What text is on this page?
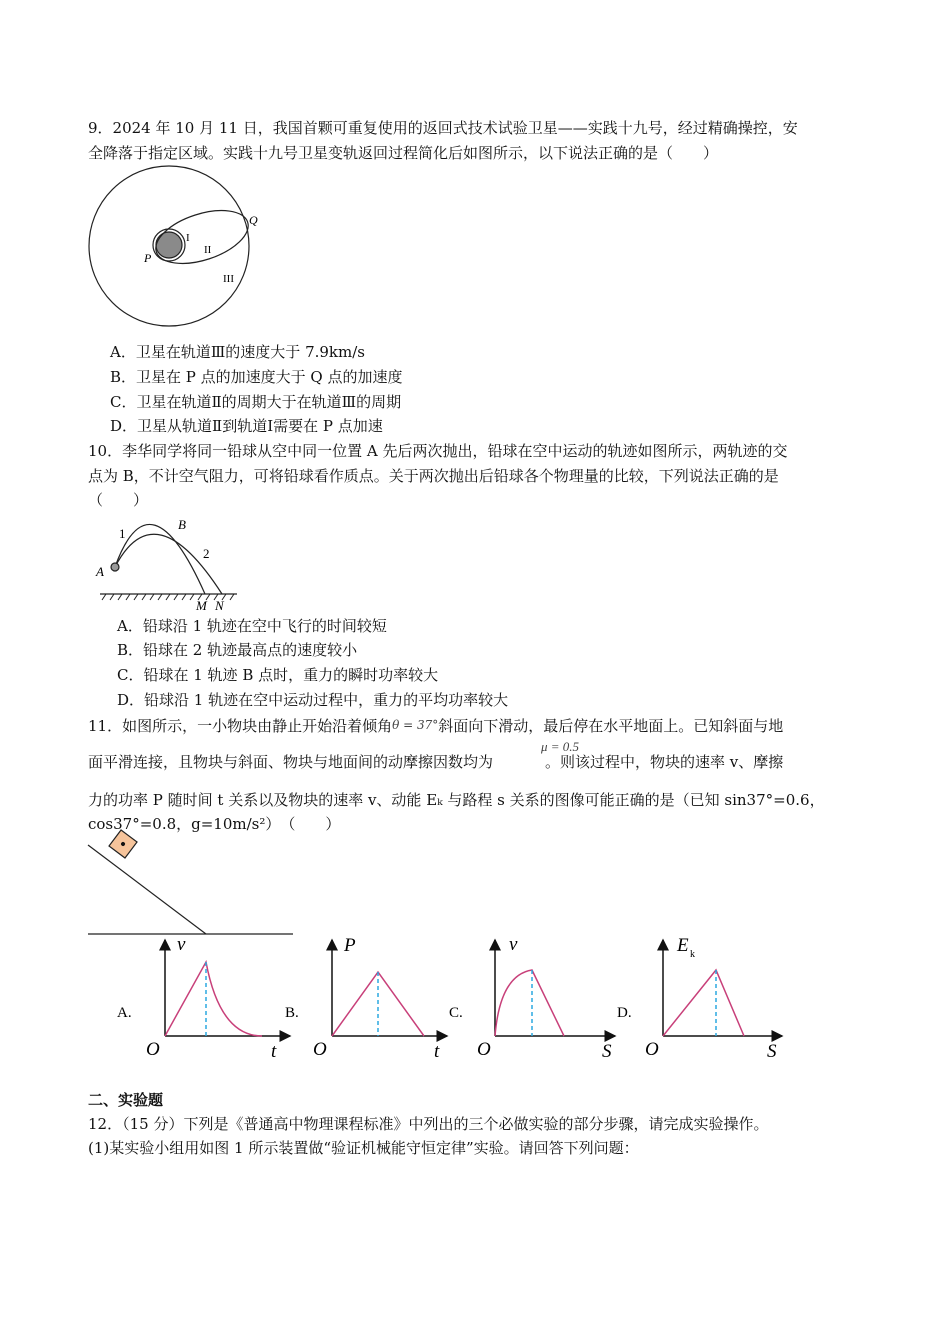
9．2024 年 10 月 11 日，我国首颗可重复使用的返回式技术试验卫星——实践十九号，经过精确操控，安
全降落于指定区域。实践十九号卫星变轨返回过程简化后如图所示，以下说法正确的是（　　）
P
Q
I
II
III
A
B
1
2
M N
A.	B.	C.	D.
v
O	t
P
O	t
v
O	S
E k
O	S
A．卫星在轨道Ⅲ的速度大于 7.9km/s
B．卫星在 P 点的加速度大于 Q 点的加速度
C．卫星在轨道Ⅱ的周期大于在轨道Ⅲ的周期
D．卫星从轨道Ⅱ到轨道Ⅰ需要在 P 点加速
10．李华同学将同一铅球从空中同一位置 A 先后两次抛出，铅球在空中运动的轨迹如图所示，两轨迹的交
点为 B，不计空气阻力，可将铅球看作质点。关于两次抛出后铅球各个物理量的比较，下列说法正确的是
（　　）
A．铅球沿 1 轨迹在空中飞行的时间较短
B．铅球在 2 轨迹最高点的速度较小
C．铅球在 1 轨迹 B 点时，重力的瞬时功率较大
D．铅球沿 1 轨迹在空中运动过程中，重力的平均功率较大
11．如图所示，一小物块由静止开始沿着倾角θ = 37°斜面向下滑动，最后停在水平地面上。已知斜面与地
μ = 0.5
面平滑连接，且物块与斜面、物块与地面间的动摩擦因数均为	。则该过程中，物块的速率 v、摩擦
力的功率 P 随时间 t 关系以及物块的速率 v、动能 Eₖ 与路程 s 关系的图像可能正确的是（已知 sin37°=0.6，
cos37°=0.8，g=10m/s²）　（　　）
二、实验题
12．（15 分）下列是《普通高中物理课程标准》中列出的三个必做实验的部分步骤，请完成实验操作。
(1)某实验小组用如图 1 所示装置做“验证机械能守恒定律”实验。请回答下列问题：
